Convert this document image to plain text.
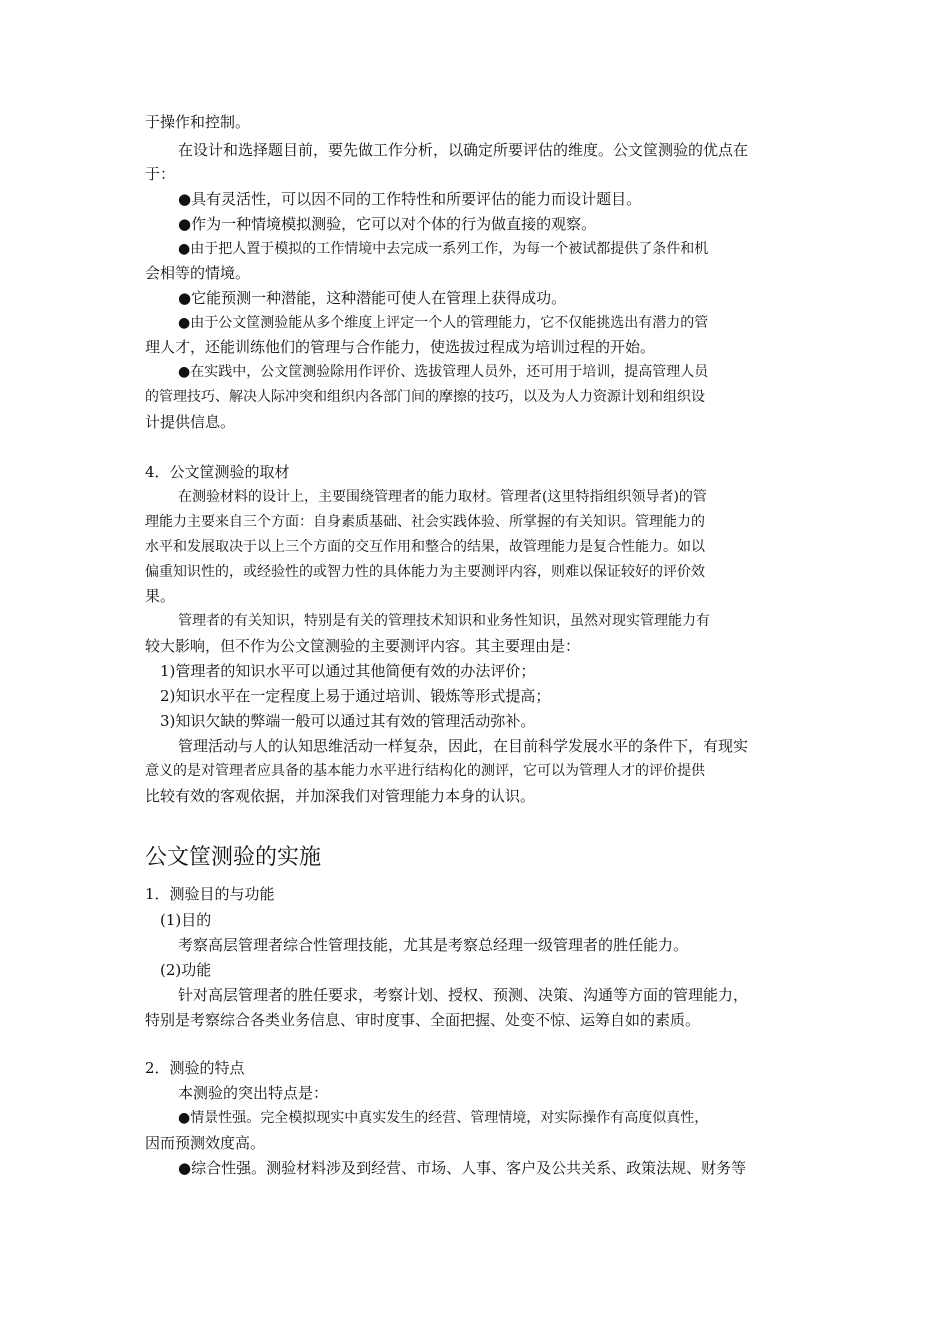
于操作和控制。
在设计和选择题目前，要先做工作分析，以确定所要评估的维度。公文筐测验的优点在
于：
●具有灵活性，可以因不同的工作特性和所要评估的能力而设计题目。
●作为一种情境模拟测验，它可以对个体的行为做直接的观察。
●由于把人置于模拟的工作情境中去完成一系列工作，为每一个被试都提供了条件和机
会相等的情境。
●它能预测一种潜能，这种潜能可使人在管理上获得成功。
●由于公文筐测验能从多个维度上评定一个人的管理能力，它不仅能挑选出有潜力的管
理人才，还能训练他们的管理与合作能力，使选拔过程成为培训过程的开始。
●在实践中，公文筐测验除用作评价、选拔管理人员外，还可用于培训，提高管理人员
的管理技巧、解决人际冲突和组织内各部门间的摩擦的技巧，以及为人力资源计划和组织设
计提供信息。
4．公文筐测验的取材
在测验材料的设计上，主要围绕管理者的能力取材。管理者(这里特指组织领导者)的管
理能力主要来自三个方面：自身素质基础、社会实践体验、所掌握的有关知识。管理能力的
水平和发展取决于以上三个方面的交互作用和整合的结果，故管理能力是复合性能力。如以
偏重知识性的，或经验性的或智力性的具体能力为主要测评内容，则难以保证较好的评价效
果。
管理者的有关知识，特别是有关的管理技术知识和业务性知识，虽然对现实管理能力有
较大影响，但不作为公文筐测验的主要测评内容。其主要理由是：
1)管理者的知识水平可以通过其他简便有效的办法评价；
2)知识水平在一定程度上易于通过培训、锻炼等形式提高；
3)知识欠缺的弊端一般可以通过其有效的管理活动弥补。
管理活动与人的认知思维活动一样复杂，因此，在目前科学发展水平的条件下，有现实
意义的是对管理者应具备的基本能力水平进行结构化的测评，它可以为管理人才的评价提供
比较有效的客观依据，并加深我们对管理能力本身的认识。
公文筐测验的实施
1．测验目的与功能
(1)目的
考察高层管理者综合性管理技能，尤其是考察总经理一级管理者的胜任能力。
(2)功能
针对高层管理者的胜任要求，考察计划、授权、预测、决策、沟通等方面的管理能力，
特别是考察综合各类业务信息、审时度事、全面把握、处变不惊、运筹自如的素质。
2．测验的特点
本测验的突出特点是：
●情景性强。完全模拟现实中真实发生的经营、管理情境，对实际操作有高度似真性，
因而预测效度高。
●综合性强。测验材料涉及到经营、市场、人事、客户及公共关系、政策法规、财务等
